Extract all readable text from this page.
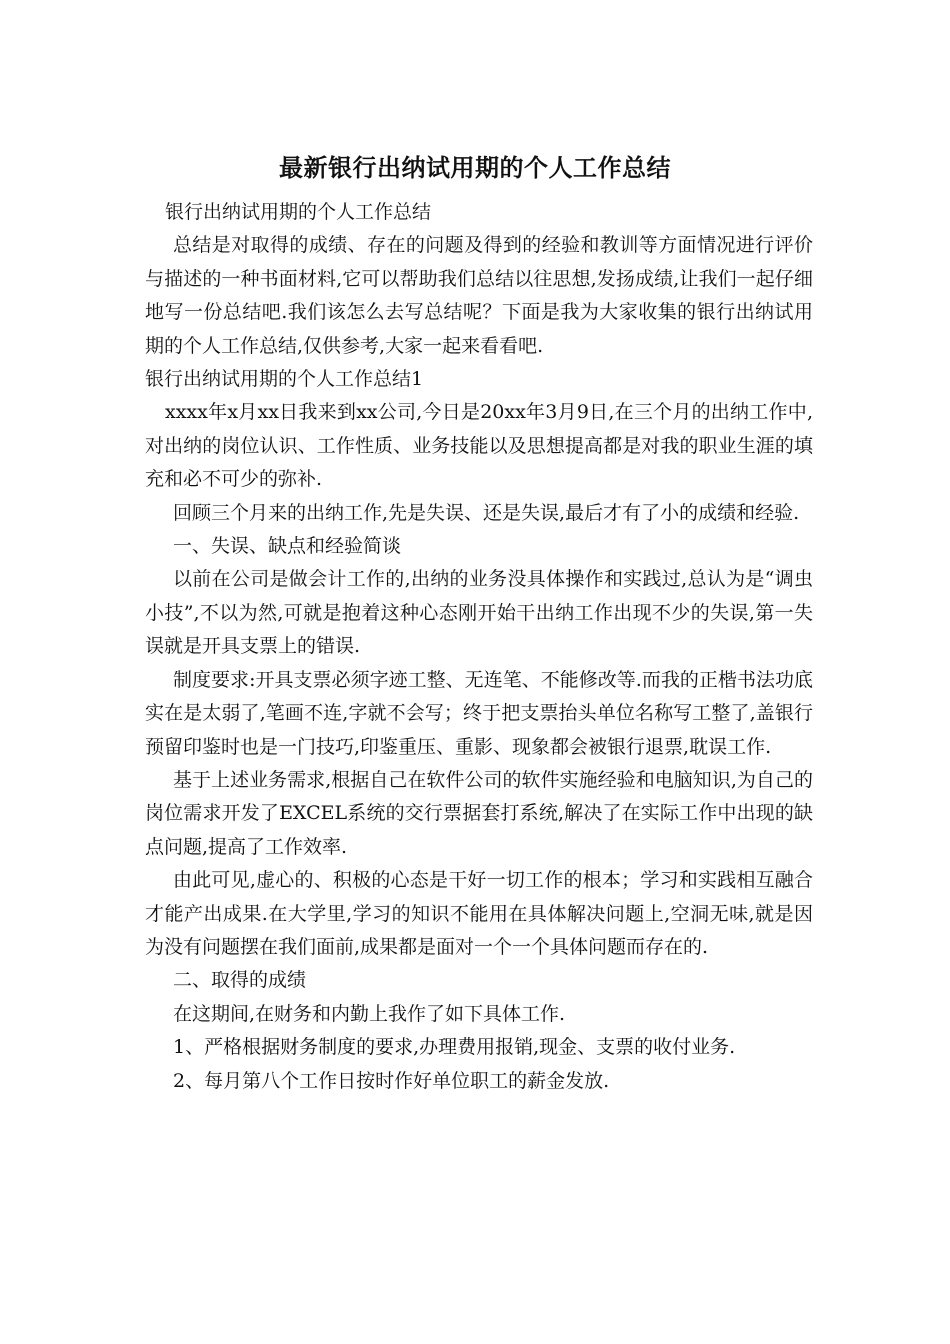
最新银行出纳试用期的个人工作总结

银行出纳试用期的个人工作总结

总结是对取得的成绩、存在的问题及得到的经验和教训等方面情况进行评价与描述的一种书面材料,它可以帮助我们总结以往思想,发扬成绩,让我们一起仔细地写一份总结吧.我们该怎么去写总结呢？下面是我为大家收集的银行出纳试用期的个人工作总结,仅供参考,大家一起来看看吧.

银行出纳试用期的个人工作总结1

xxxx年x月xx日我来到xx公司,今日是20xx年3月9日,在三个月的出纳工作中,对出纳的岗位认识、工作性质、业务技能以及思想提高都是对我的职业生涯的填充和必不可少的弥补.

回顾三个月来的出纳工作,先是失误、还是失误,最后才有了小的成绩和经验.

一、失误、缺点和经验简谈

以前在公司是做会计工作的,出纳的业务没具体操作和实践过,总认为是“调虫小技”,不以为然,可就是抱着这种心态刚开始干出纳工作出现不少的失误,第一失误就是开具支票上的错误.

制度要求:开具支票必须字迹工整、无连笔、不能修改等.而我的正楷书法功底实在是太弱了,笔画不连,字就不会写；终于把支票抬头单位名称写工整了,盖银行预留印鉴时也是一门技巧,印鉴重压、重影、现象都会被银行退票,耽误工作.

基于上述业务需求,根据自己在软件公司的软件实施经验和电脑知识,为自己的岗位需求开发了EXCEL系统的交行票据套打系统,解决了在实际工作中出现的缺点问题,提高了工作效率.

由此可见,虚心的、积极的心态是干好一切工作的根本；学习和实践相互融合才能产出成果.在大学里,学习的知识不能用在具体解决问题上,空洞无味,就是因为没有问题摆在我们面前,成果都是面对一个一个具体问题而存在的.

二、取得的成绩

在这期间,在财务和内勤上我作了如下具体工作.

1、严格根据财务制度的要求,办理费用报销,现金、支票的收付业务.

2、每月第八个工作日按时作好单位职工的薪金发放.
